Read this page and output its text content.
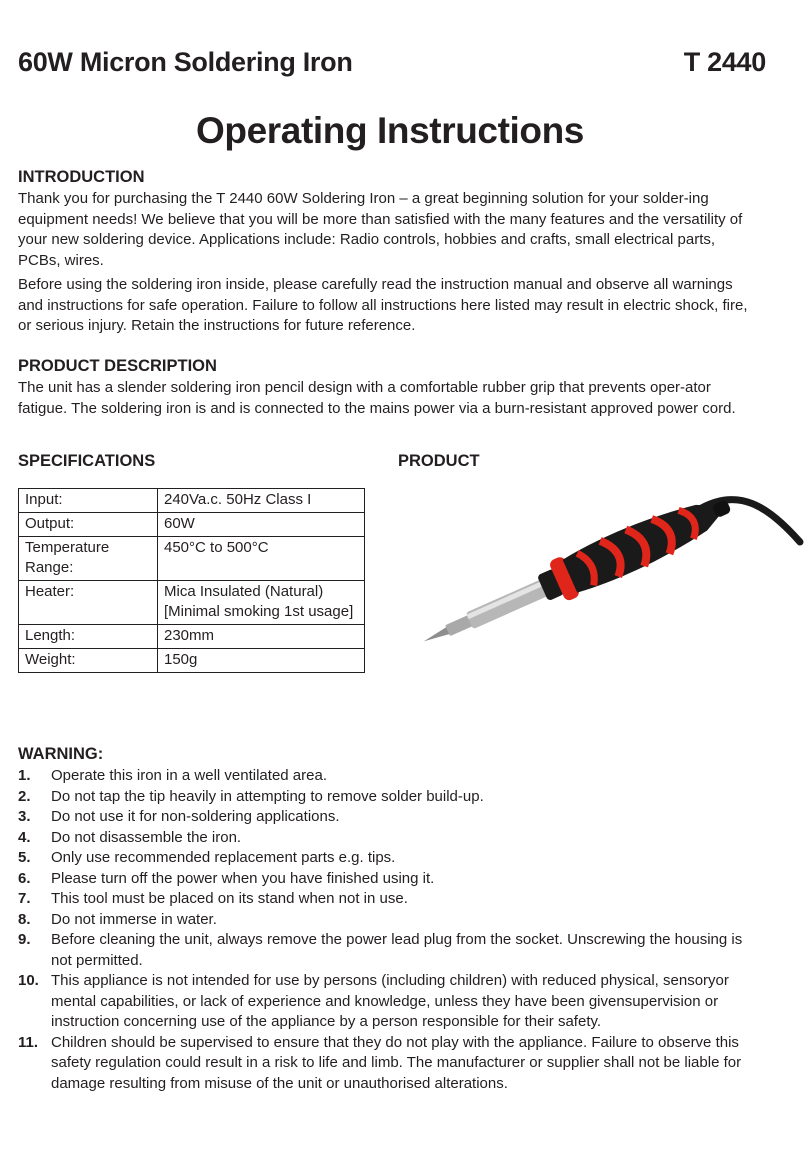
60W Micron Soldering Iron	T 2440
Operating Instructions
INTRODUCTION

Thank you for purchasing the T 2440 60W Soldering Iron – a great beginning solution for your solder-ing equipment needs! We believe that you will be more than satisfied with the many features and the versatility of your new soldering device. Applications include: Radio controls, hobbies and crafts, small electrical parts, PCBs, wires.

Before using the soldering iron inside, please carefully read the instruction manual and observe all warnings and instructions for safe operation. Failure to follow all instructions here listed may result in electric shock, fire, or serious injury. Retain the instructions for future reference.

PRODUCT DESCRIPTION

The unit has a slender soldering iron pencil design with a comfortable rubber grip that prevents oper-ator fatigue. The soldering iron is and is connected to the mains power via a burn-resistant approved power cord.

SPECIFICATIONS	PRODUCT
Input:	240Va.c. 50Hz Class I
Output:	60W
Temperature Range:	450°C to 500°C
Heater:	Mica Insulated (Natural) [Minimal smoking 1st usage]
Length:	230mm
Weight:	150g
WARNING:
1. Operate this iron in a well ventilated area.
2. Do not tap the tip heavily in attempting to remove solder build-up.
3. Do not use it for non-soldering applications.
4. Do not disassemble the iron.
5. Only use recommended replacement parts e.g. tips.
6. Please turn off the power when you have finished using it.
7. This tool must be placed on its stand when not in use.
8. Do not immerse in water.
9. Before cleaning the unit, always remove the power lead plug from the socket. Unscrewing the housing is not permitted.
10. This appliance is not intended for use by persons (including children) with reduced physical, sensoryor mental capabilities, or lack of experience and knowledge, unless they have been givensupervision or instruction concerning use of the appliance by a person responsible for their safety.
11. Children should be supervised to ensure that they do not play with the appliance. Failure to observe this safety regulation could result in a risk to life and limb. The manufacturer or supplier shall not be liable for damage resulting from misuse of the unit or unauthorised alterations.
